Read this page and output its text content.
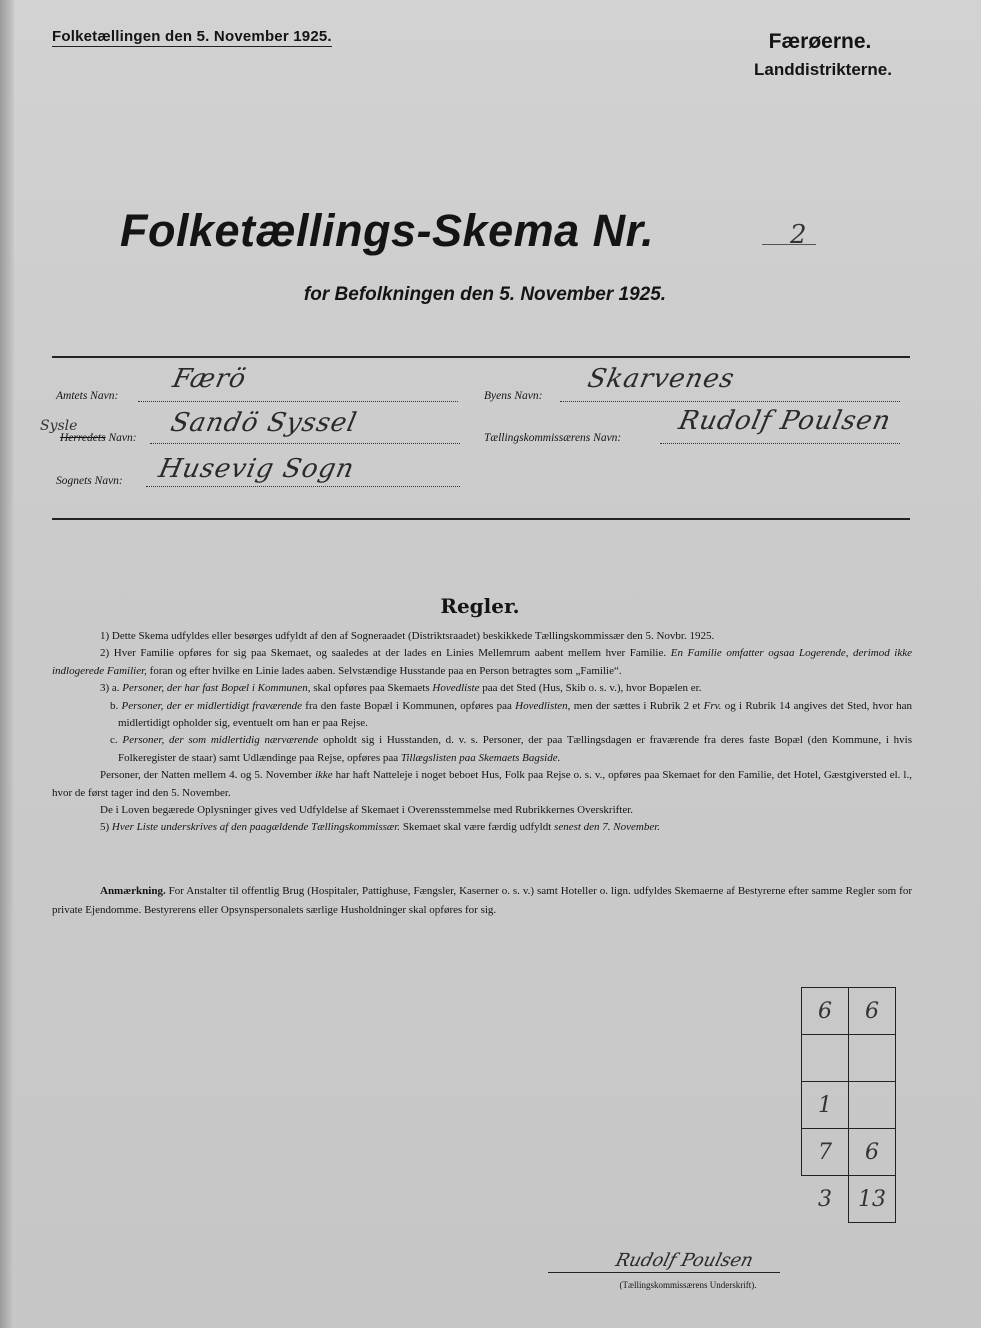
Folketællingen den 5. November 1925.	Færøerne.
Landdistrikterne.
Folketællings-Skema Nr.	2
for Befolkningen den 5. November 1925.
Amtets Navn:
Færö
Byens Navn:
Skarvenes
Sysle
Herredets Navn: Sandö Syssel	Tællingskommissærens Navn:
Rudolf Poulsen
Sognets Navn: Husevig Sogn
Regler.

1) Dette Skema udfyldes eller besørges udfyldt af den af Sogneraadet (Distriktsraadet) beskikkede Tællingskommissær den 5. Novbr. 1925.

2) Hver Familie opføres for sig paa Skemaet, og saaledes at der lades en Linies Mellemrum aabent mellem hver Familie. En Familie omfatter ogsaa Logerende, derimod ikke indlogerede Familier, foran og efter hvilke en Linie lades aaben. Selvstændige Husstande paa en Person betragtes som „Familie“.

3) a. Personer, der har fast Bopæl i Kommunen, skal opføres paa Skemaets Hovedliste paa det Sted (Hus, Skib o. s. v.), hvor Bopælen er.

b. Personer, der er midlertidigt fraværende fra den faste Bopæl i Kommunen, opføres paa Hovedlisten, men der sættes i Rubrik 2 et Frv. og i Rubrik 14 angives det Sted, hvor han midlertidigt opholder sig, eventuelt om han er paa Rejse.

c. Personer, der som midlertidig nærværende opholdt sig i Husstanden, d. v. s. Personer, der paa Tællingsdagen er fraværende fra deres faste Bopæl (den Kommune, i hvis Folkeregister de staar) samt Udlændinge paa Rejse, opføres paa Tillægslisten paa Skemaets Bagside.

Personer, der Natten mellem 4. og 5. November ikke har haft Natteleje i noget beboet Hus, Folk paa Rejse o. s. v., opføres paa Skemaet for den Familie, det Hotel, Gæstgiversted el. l., hvor de først tager ind den 5. November.

De i Loven begærede Oplysninger gives ved Udfyldelse af Skemaet i Overensstemmelse med Rubrikkernes Overskrifter.

5) Hver Liste underskrives af den paagældende Tællingskommissær. Skemaet skal være færdig udfyldt senest den 7. November.

Anmærkning. For Anstalter til offentlig Brug (Hospitaler, Pattighuse, Fængsler, Kaserner o. s. v.) samt Hoteller o. lign. udfyldes Skemaerne af Bestyrerne efter samme Regler som for private Ejendomme. Bestyrerens eller Opsynspersonalets særlige Husholdninger skal opføres for sig.

6	6

1	
7	6
3	13
Rudolf Poulsen
(Tællingskommissærens Underskrift).
